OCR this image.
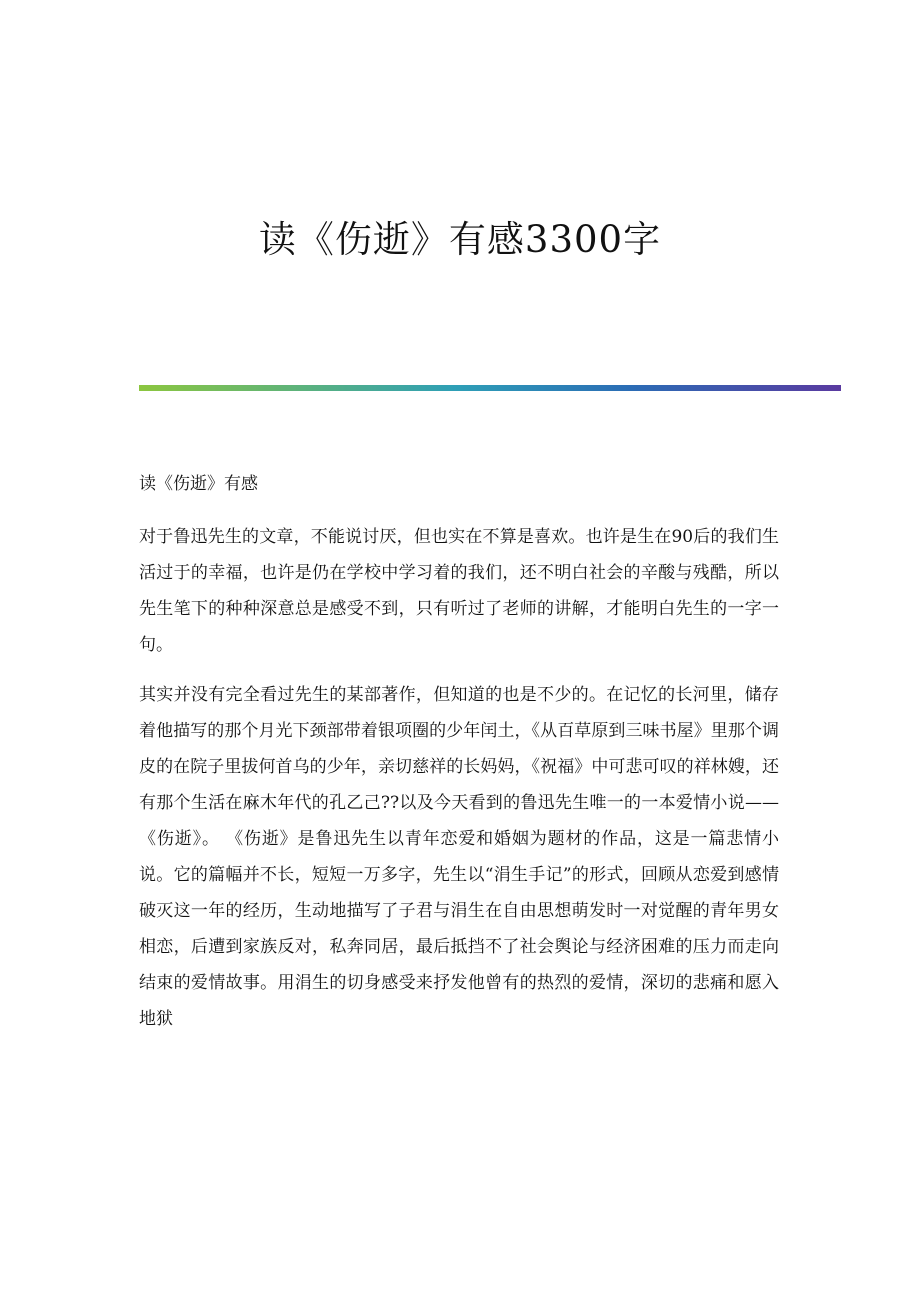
读《伤逝》有感3300字

读《伤逝》有感

对于鲁迅先生的文章，不能说讨厌，但也实在不算是喜欢。也许是生在90后的我们生活过于的幸福，也许是仍在学校中学习着的我们，还不明白社会的辛酸与残酷，所以先生笔下的种种深意总是感受不到，只有听过了老师的讲解，才能明白先生的一字一句。

其实并没有完全看过先生的某部著作，但知道的也是不少的。在记忆的长河里，储存着他描写的那个月光下颈部带着银项圈的少年闰土，《从百草原到三味书屋》里那个调皮的在院子里拔何首乌的少年，亲切慈祥的长妈妈，《祝福》中可悲可叹的祥林嫂，还有那个生活在麻木年代的孔乙己??以及今天看到的鲁迅先生唯一的一本爱情小说——《伤逝》。 《伤逝》是鲁迅先生以青年恋爱和婚姻为题材的作品，这是一篇悲情小说。它的篇幅并不长，短短一万多字，先生以“涓生手记”的形式，回顾从恋爱到感情破灭这一年的经历，生动地描写了子君与涓生在自由思想萌发时一对觉醒的青年男女相恋，后遭到家族反对，私奔同居，最后抵挡不了社会舆论与经济困难的压力而走向结束的爱情故事。用涓生的切身感受来抒发他曾有的热烈的爱情，深切的悲痛和愿入地狱
